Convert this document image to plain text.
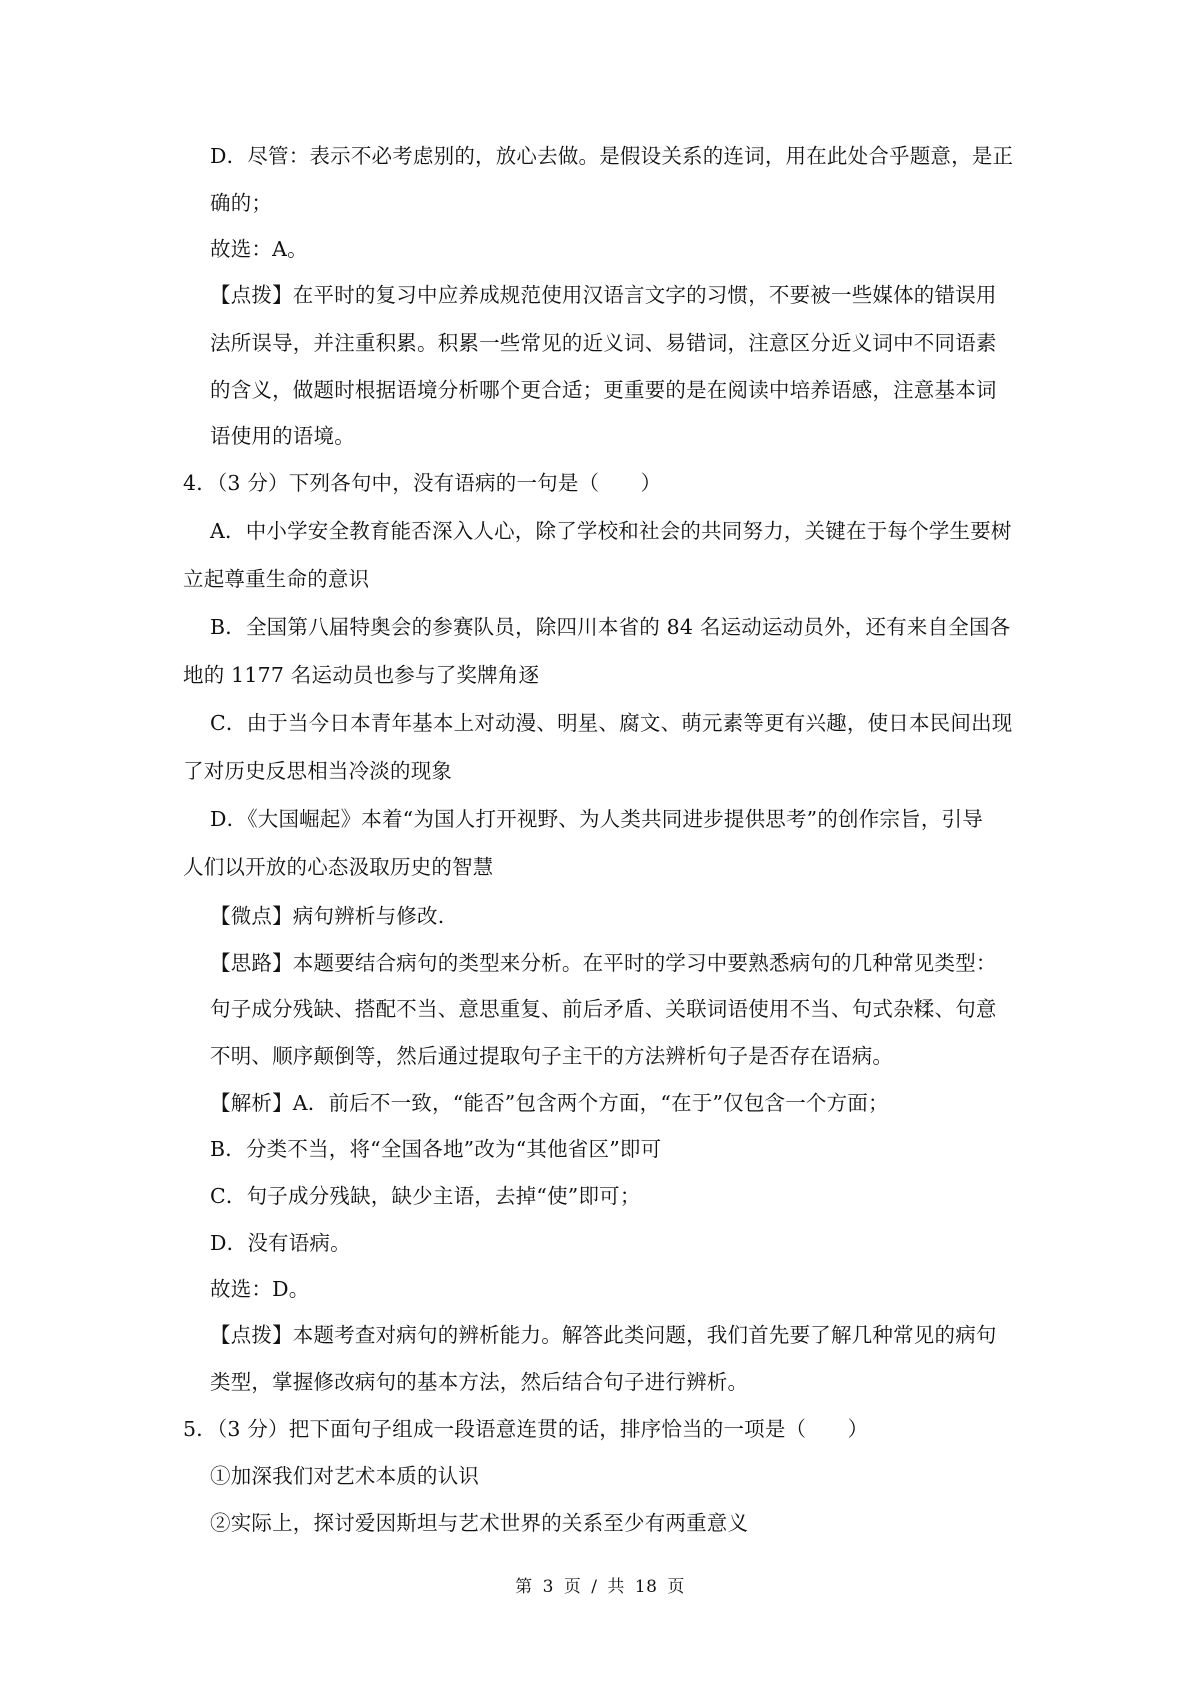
D．尽管：表示不必考虑别的，放心去做。是假设关系的连词，用在此处合乎题意，是正
确的；
故选：A。
【点拨】在平时的复习中应养成规范使用汉语言文字的习惯，不要被一些媒体的错误用
法所误导，并注重积累。积累一些常见的近义词、易错词，注意区分近义词中不同语素
的含义，做题时根据语境分析哪个更合适；更重要的是在阅读中培养语感，注意基本词
语使用的语境。
4．（3 分）下列各句中，没有语病的一句是（　　）
A．中小学安全教育能否深入人心，除了学校和社会的共同努力，关键在于每个学生要树
立起尊重生命的意识
B．全国第八届特奥会的参赛队员，除四川本省的 84 名运动运动员外，还有来自全国各
地的 1177 名运动员也参与了奖牌角逐
C．由于当今日本青年基本上对动漫、明星、腐文、萌元素等更有兴趣，使日本民间出现
了对历史反思相当冷淡的现象
D．《大国崛起》本着“为国人打开视野、为人类共同进步提供思考”的创作宗旨，引导
人们以开放的心态汲取历史的智慧
【微点】病句辨析与修改.
【思路】本题要结合病句的类型来分析。在平时的学习中要熟悉病句的几种常见类型：
句子成分残缺、搭配不当、意思重复、前后矛盾、关联词语使用不当、句式杂糅、句意
不明、顺序颠倒等，然后通过提取句子主干的方法辨析句子是否存在语病。
【解析】A．前后不一致，“能否”包含两个方面，“在于”仅包含一个方面；
B．分类不当，将“全国各地”改为“其他省区”即可
C．句子成分残缺，缺少主语，去掉“使”即可；
D．没有语病。
故选：D。
【点拨】本题考查对病句的辨析能力。解答此类问题，我们首先要了解几种常见的病句
类型，掌握修改病句的基本方法，然后结合句子进行辨析。
5．（3 分）把下面句子组成一段语意连贯的话，排序恰当的一项是（　　）
①加深我们对艺术本质的认识
②实际上，探讨爱因斯坦与艺术世界的关系至少有两重意义
第 3 页 / 共 18 页
